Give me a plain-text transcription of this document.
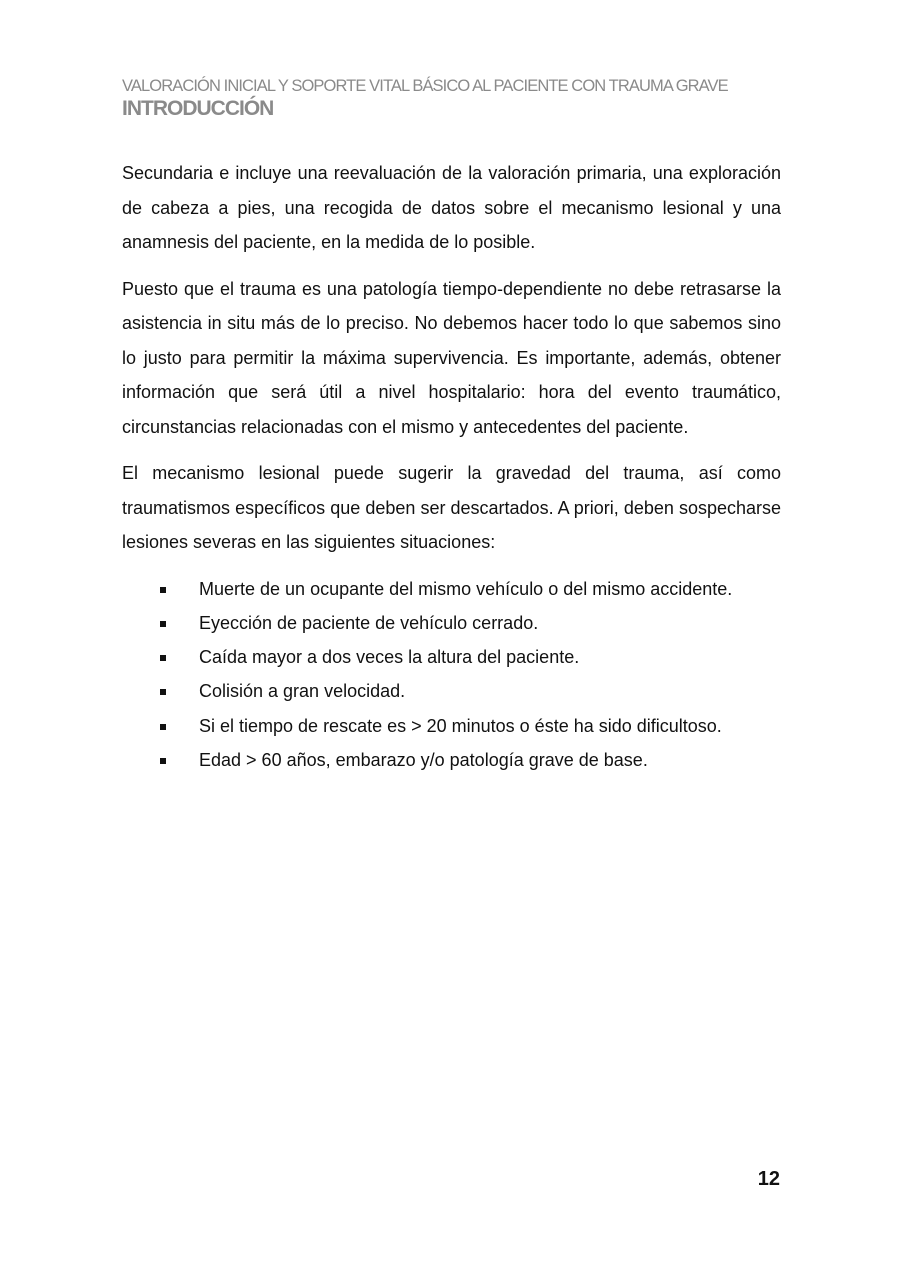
VALORACIÓN INICIAL Y SOPORTE VITAL BÁSICO AL PACIENTE CON TRAUMA GRAVE
INTRODUCCIÓN

Secundaria e incluye una reevaluación de la valoración primaria, una exploración de cabeza a pies, una recogida de datos sobre el mecanismo lesional y una anamnesis del paciente, en la medida de lo posible.

Puesto que el trauma es una patología tiempo-dependiente no debe retrasarse la asistencia in situ más de lo preciso. No debemos hacer todo lo que sabemos sino lo justo para permitir la máxima supervivencia. Es importante, además, obtener información que será útil a nivel hospitalario: hora del evento traumático, circunstancias relacionadas con el mismo y antecedentes del paciente.

El mecanismo lesional puede sugerir la gravedad del trauma, así como traumatismos específicos que deben ser descartados. A priori, deben sospecharse lesiones severas en las siguientes situaciones:

Muerte de un ocupante del mismo vehículo o del mismo accidente.
Eyección de paciente de vehículo cerrado.
Caída mayor a dos veces la altura del paciente.
Colisión a gran velocidad.
Si el tiempo de rescate es > 20 minutos o éste ha sido dificultoso.
Edad > 60 años, embarazo y/o patología grave de base.
12
